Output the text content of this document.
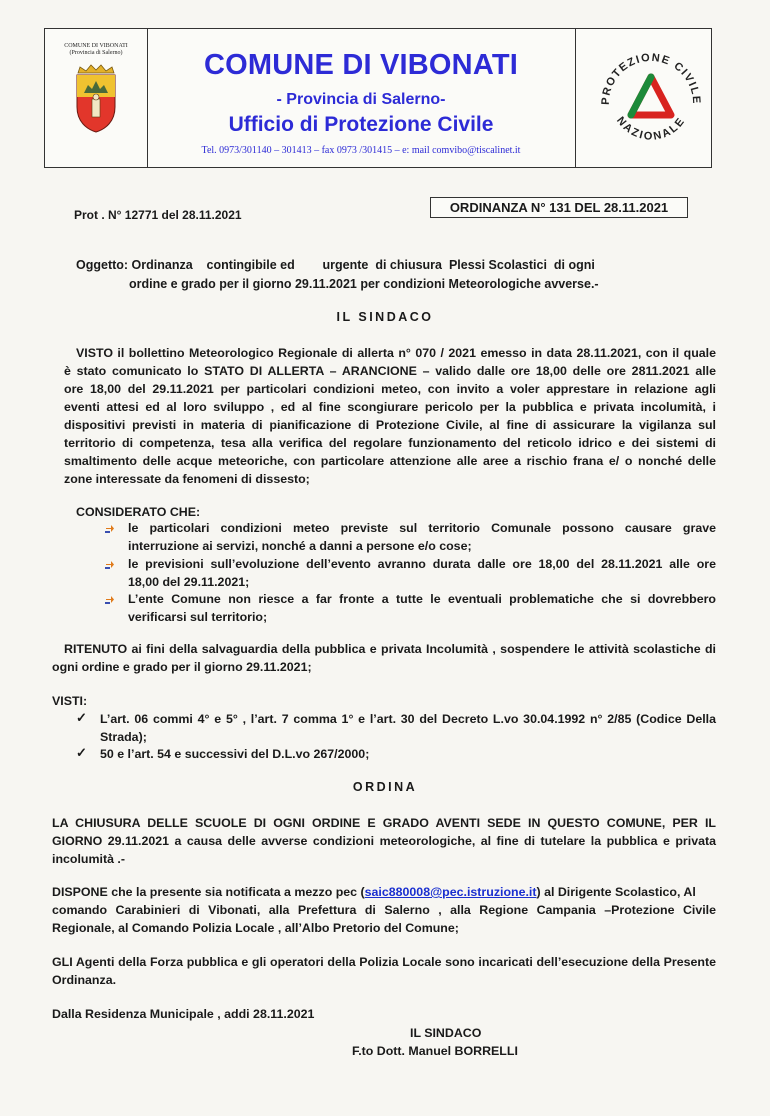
COMUNE DI VIBONATI
(Provincia di Salerno)	COMUNE DI VIBONATI
- Provincia di Salerno-
Ufficio di Protezione Civile
Tel. 0973/301140 – 301413 – fax 0973 /301415 – e: mail comvibo@tiscalinet.it
PROTEZIONE CIVILE
NAZIONALE
Prot . N° 12771 del 28.11.2021	ORDINANZA N° 131 DEL 28.11.2021
Oggetto: Ordinanza    contingibile ed        urgente  di chiusura  Plessi Scolastici  di ogni
ordine e grado per il giorno 29.11.2021 per condizioni Meteorologiche avverse.-
IL SINDACO
VISTO il bollettino Meteorologico Regionale di allerta n° 070 / 2021 emesso in data 28.11.2021, con il quale
è stato comunicato lo STATO DI ALLERTA – ARANCIONE – valido dalle ore 18,00 delle ore 2811.2021 alle
ore 18,00 del 29.11.2021 per particolari condizioni meteo, con invito a voler apprestare in relazione agli
eventi attesi ed al loro sviluppo , ed al fine scongiurare pericolo per la pubblica e privata incolumità, i
dispositivi previsti in materia di pianificazione di Protezione Civile, al fine di assicurare la vigilanza sul
territorio di competenza, tesa alla verifica del regolare funzionamento del reticolo idrico e dei sistemi di
smaltimento delle acque meteoriche, con particolare attenzione alle aree a rischio frana e/ o nonché delle
zone interessate da fenomeni di dissesto;
CONSIDERATO CHE:
le particolari condizioni meteo previste sul territorio Comunale possono causare grave
interruzione ai servizi, nonché a danni a persone e/o cose;
le previsioni sull’evoluzione dell’evento avranno durata dalle ore 18,00 del 28.11.2021 alle ore
18,00 del 29.11.2021;
L’ente Comune non riesce a far fronte a tutte le eventuali problematiche che si dovrebbero
verificarsi sul territorio;
RITENUTO ai fini della salvaguardia della pubblica e privata Incolumità , sospendere le attività scolastiche di
ogni ordine e grado per il giorno 29.11.2021;
VISTI:
✓ L’art. 06 commi 4° e 5° , l’art. 7 comma 1° e l’art. 30 del Decreto L.vo 30.04.1992 n° 2/85 (Codice Della
Strada);
✓ 50 e l’art. 54 e successivi del D.L.vo 267/2000;
ORDINA
LA CHIUSURA DELLE SCUOLE DI OGNI ORDINE E GRADO AVENTI SEDE IN QUESTO COMUNE, PER IL
GIORNO 29.11.2021 a causa delle avverse condizioni meteorologiche, al fine di tutelare la pubblica e privata
incolumità .-
DISPONE che la presente sia notificata a mezzo pec (saic880008@pec.istruzione.it) al Dirigente Scolastico, Al
comando Carabinieri di Vibonati, alla Prefettura di Salerno , alla Regione Campania –Protezione Civile
Regionale, al Comando Polizia Locale , all’Albo Pretorio del Comune;
GLI Agenti della Forza pubblica e gli operatori della Polizia Locale sono incaricati dell’esecuzione della Presente
Ordinanza.
Dalla Residenza Municipale , addi 28.11.2021
IL SINDACO
F.to Dott. Manuel BORRELLI
